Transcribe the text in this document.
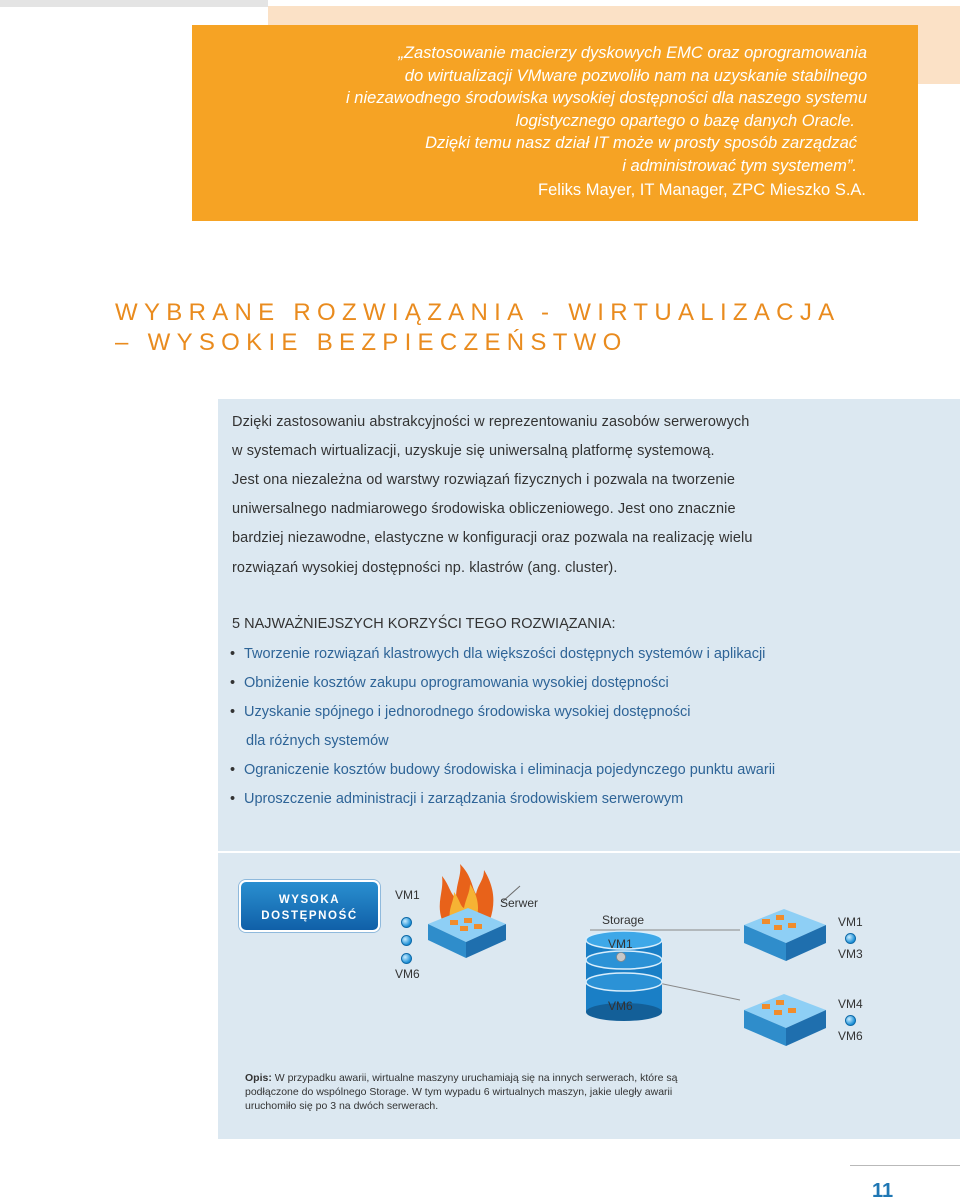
„Zastosowanie macierzy dyskowych EMC oraz oprogramowania
do wirtualizacji VMware pozwoliło nam na uzyskanie stabilnego
i niezawodnego środowiska wysokiej dostępności dla naszego systemu
logistycznego opartego o bazę danych Oracle.
Dzięki temu nasz dział IT może w prosty sposób zarządzać
i administrować tym systemem”.
Feliks Mayer, IT Manager, ZPC Mieszko S.A.
WYBRANE ROZWIĄZANIA - WIRTUALIZACJA
– WYSOKIE BEZPIECZEŃSTWO
Dzięki zastosowaniu abstrakcyjności w reprezentowaniu zasobów serwerowych
w systemach wirtualizacji, uzyskuje się uniwersalną platformę systemową.
Jest ona niezależna od warstwy rozwiązań fizycznych i pozwala na tworzenie
uniwersalnego nadmiarowego środowiska obliczeniowego. Jest ono znacznie
bardziej niezawodne, elastyczne w konfiguracji oraz pozwala na realizację wielu
rozwiązań wysokiej dostępności np. klastrów (ang. cluster).
5 NAJWAŻNIEJSZYCH KORZYŚCI TEGO ROZWIĄZANIA:
• Tworzenie rozwiązań klastrowych dla większości dostępnych systemów i aplikacji
• Obniżenie kosztów zakupu oprogramowania wysokiej dostępności
• Uzyskanie spójnego i jednorodnego środowiska wysokiej dostępności
dla różnych systemów
• Ograniczenie kosztów budowy środowiska i eliminacja pojedynczego punktu awarii
• Uproszczenie administracji i zarządzania środowiskiem serwerowym
WYSOKA
DOSTĘPNOŚĆ
VM1
VM6
Serwer
Storage
VM1
VM6
VM1
VM3
VM4
VM6
Opis: W przypadku awarii, wirtualne maszyny uruchamiają się na innych serwerach, które są podłączone do wspólnego Storage. W tym wypadu 6 wirtualnych maszyn, jakie uległy awarii uruchomiło się po 3 na dwóch serwerach.
11
